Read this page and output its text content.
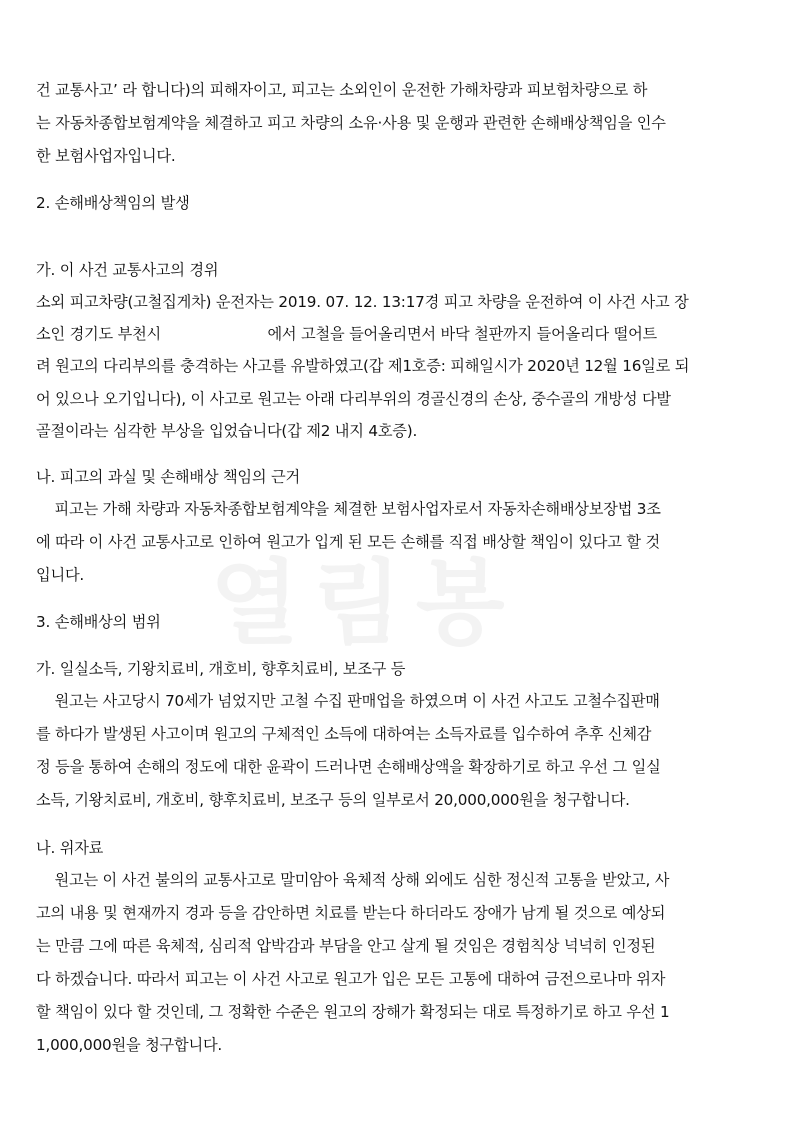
열림봉
건 교통사고’ 라 합니다)의 피해자이고, 피고는 소외인이 운전한 가해차량과 피보험차량으로 하
는 자동차종합보험계약을 체결하고 피고 차량의 소유·사용 및 운행과 관련한 손해배상책임을 인수
한 보험사업자입니다.
2. 손해배상책임의 발생
가. 이 사건 교통사고의 경위
소외 피고차량(고철집게차) 운전자는 2019. 07. 12. 13:17경 피고 차량을 운전하여 이 사건 사고 장
소인 경기도 부천시                       에서 고철을 들어올리면서 바닥 철판까지 들어올리다 떨어트
려 원고의 다리부의를 충격하는 사고를 유발하였고(갑 제1호증: 피해일시가 2020년 12월 16일로 되
어 있으나 오기입니다), 이 사고로 원고는 아래 다리부위의 경골신경의 손상, 중수골의 개방성 다발
골절이라는 심각한 부상을 입었습니다(갑 제2 내지 4호증).
나. 피고의 과실 및 손해배상 책임의 근거
피고는 가해 차량과 자동차종합보험계약을 체결한 보험사업자로서 자동차손해배상보장법 3조
에 따라 이 사건 교통사고로 인하여 원고가 입게 된 모든 손해를 직접 배상할 책임이 있다고 할 것
입니다.
3. 손해배상의 범위
가. 일실소득, 기왕치료비, 개호비, 향후치료비, 보조구 등
원고는 사고당시 70세가 넘었지만 고철 수집 판매업을 하였으며 이 사건 사고도 고철수집판매
를 하다가 발생된 사고이며 원고의 구체적인 소득에 대하여는 소득자료를 입수하여 추후 신체감
정 등을 통하여 손해의 정도에 대한 윤곽이 드러나면 손해배상액을 확장하기로 하고 우선 그 일실
소득, 기왕치료비, 개호비, 향후치료비, 보조구 등의 일부로서 20,000,000원을 청구합니다.
나. 위자료
원고는 이 사건 불의의 교통사고로 말미암아 육체적 상해 외에도 심한 정신적 고통을 받았고, 사
고의 내용 및 현재까지 경과 등을 감안하면 치료를 받는다 하더라도 장애가 남게 될 것으로 예상되
는 만큼 그에 따른 육체적, 심리적 압박감과 부담을 안고 살게 될 것임은 경험칙상 넉넉히 인정된
다 하겠습니다. 따라서 피고는 이 사건 사고로 원고가 입은 모든 고통에 대하여 금전으로나마 위자
할 책임이 있다 할 것인데, 그 정확한 수준은 원고의 장해가 확정되는 대로 특정하기로 하고 우선 1
1,000,000원을 청구합니다.
